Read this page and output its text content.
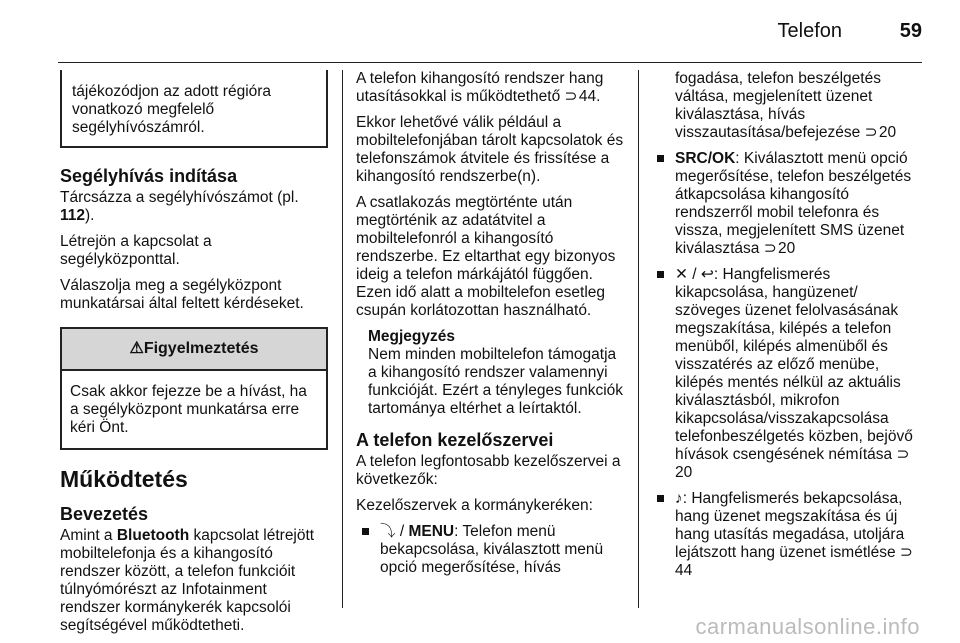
Telefon	59
tájékozódjon az adott régióra vonatkozó megfelelő segélyhívószámról.
Segélyhívás indítása

Tárcsázza a segélyhívószámot (pl. 112).

Létrejön a kapcsolat a segélyközponttal.

Válaszolja meg a segélyközpont munkatársai által feltett kérdéseket.

⚠Figyelmeztetés
Csak akkor fejezze be a hívást, ha a segélyközpont munkatársa erre kéri Önt.
Működtetés
Bevezetés

Amint a Bluetooth kapcsolat létrejött mobiltelefonja és a kihangosító rendszer között, a telefon funkcióit túlnyómórészt az Infotainment rendszer kormánykerék kapcsolói segítségével működtetheti.

A telefon kihangosító rendszer hang utasításokkal is működtethető ⊃ 44.

Ekkor lehetővé válik például a mobiltelefonjában tárolt kapcsolatok és telefonszámok átvitele és frissítése a kihangosító rendszerbe(n).

A csatlakozás megtörténte után megtörténik az adatátvitel a mobiltelefonról a kihangosító rendszerbe. Ez eltarthat egy bizonyos ideig a telefon márkájától függően. Ezen idő alatt a mobiltelefon esetleg csupán korlátozottan használható.

Megjegyzés

Nem minden mobiltelefon támogatja a kihangosító rendszer valamennyi funkcióját. Ezért a tényleges funkciók tartománya eltérhet a leírtaktól.

A telefon kezelőszervei

A telefon legfontosabb kezelőszervei a következők:

Kezelőszervek a kormánykeréken:

⤵ / MENU: Telefon menü bekapcsolása, kiválasztott menü opció megerősítése, hívás

fogadása, telefon beszélgetés váltása, megjelenített üzenet kiválasztása, hívás visszautasítása/befejezése ⊃ 20

SRC/OK: Kiválasztott menü opció megerősítése, telefon beszélgetés átkapcsolása kihangosító rendszerről mobil telefonra és vissza, megjelenített SMS üzenet kiválasztása ⊃ 20
✕ / ↩: Hangfelismerés kikapcsolása, hangüzenet/ szöveges üzenet felolvasásának megszakítása, kilépés a telefon menüből, kilépés almenüből és visszatérés az előző menübe, kilépés mentés nélkül az aktuális kiválasztásból, mikrofon kikapcsolása/visszakapcsolása telefonbeszélgetés közben, bejövő hívások csengésének némítása ⊃ 20
♪: Hangfelismerés bekapcsolása, hang üzenet megszakítása és új hang utasítás megadása, utoljára lejátszott hang üzenet ismétlése ⊃ 44
carmanualsonline.info
